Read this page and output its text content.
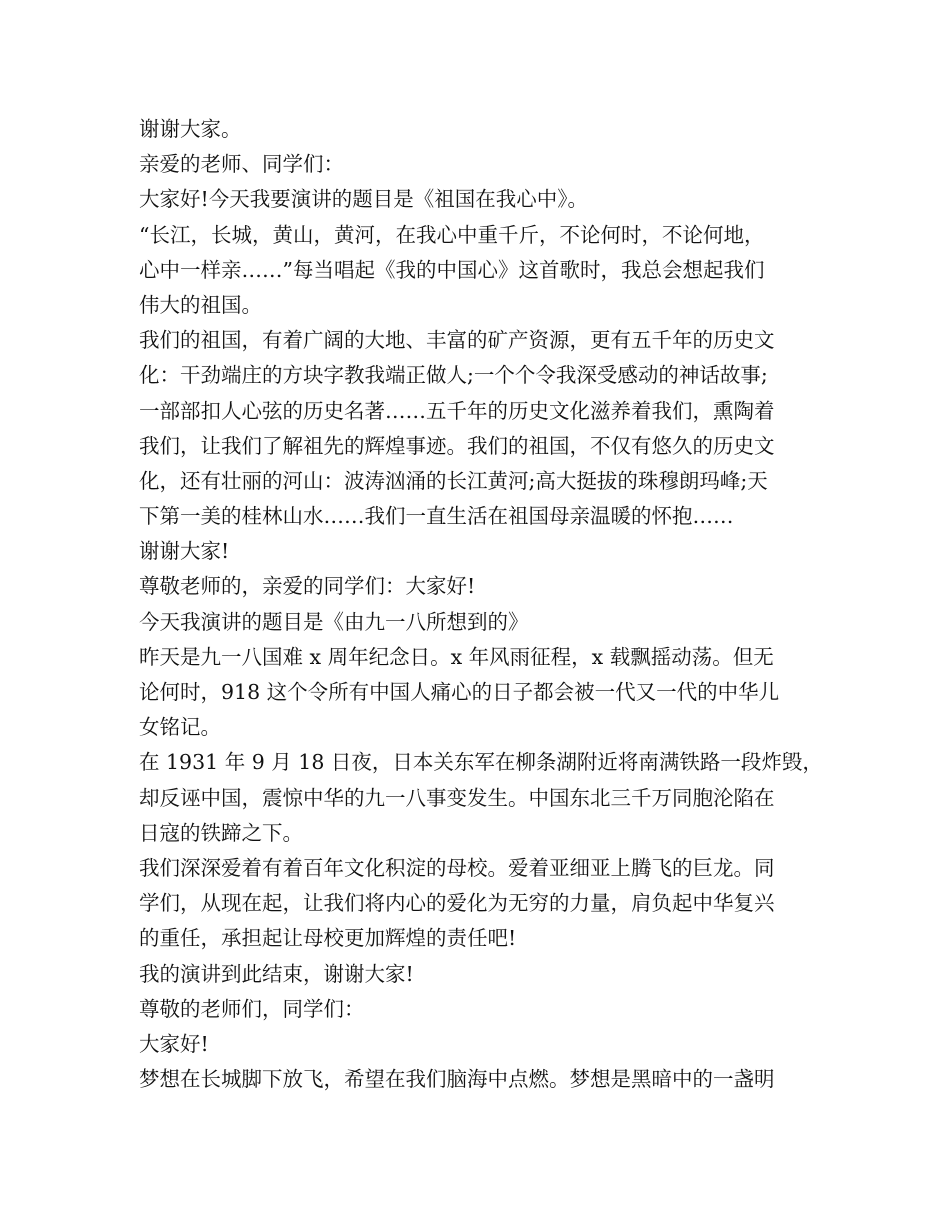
谢谢大家。
亲爱的老师、同学们：
大家好!今天我要演讲的题目是《祖国在我心中》。
“长江，长城，黄山，黄河，在我心中重千斤，不论何时，不论何地，
心中一样亲……”每当唱起《我的中国心》这首歌时，我总会想起我们
伟大的祖国。
我们的祖国，有着广阔的大地、丰富的矿产资源，更有五千年的历史文
化：干劲端庄的方块字教我端正做人;一个个令我深受感动的神话故事;
一部部扣人心弦的历史名著……五千年的历史文化滋养着我们，熏陶着
我们，让我们了解祖先的辉煌事迹。我们的祖国，不仅有悠久的历史文
化，还有壮丽的河山：波涛汹涌的长江黄河;高大挺拔的珠穆朗玛峰;天
下第一美的桂林山水……我们一直生活在祖国母亲温暖的怀抱……
谢谢大家!
尊敬老师的，亲爱的同学们：大家好!
今天我演讲的题目是《由九一八所想到的》
昨天是九一八国难 x 周年纪念日。x 年风雨征程，x 载飘摇动荡。但无
论何时，918 这个令所有中国人痛心的日子都会被一代又一代的中华儿
女铭记。
在 1931 年 9 月 18 日夜，日本关东军在柳条湖附近将南满铁路一段炸毁，
却反诬中国，震惊中华的九一八事变发生。中国东北三千万同胞沦陷在
日寇的铁蹄之下。
我们深深爱着有着百年文化积淀的母校。爱着亚细亚上腾飞的巨龙。同
学们，从现在起，让我们将内心的爱化为无穷的力量，肩负起中华复兴
的重任，承担起让母校更加辉煌的责任吧!
我的演讲到此结束，谢谢大家!
尊敬的老师们，同学们：
大家好!
梦想在长城脚下放飞，希望在我们脑海中点燃。梦想是黑暗中的一盏明
